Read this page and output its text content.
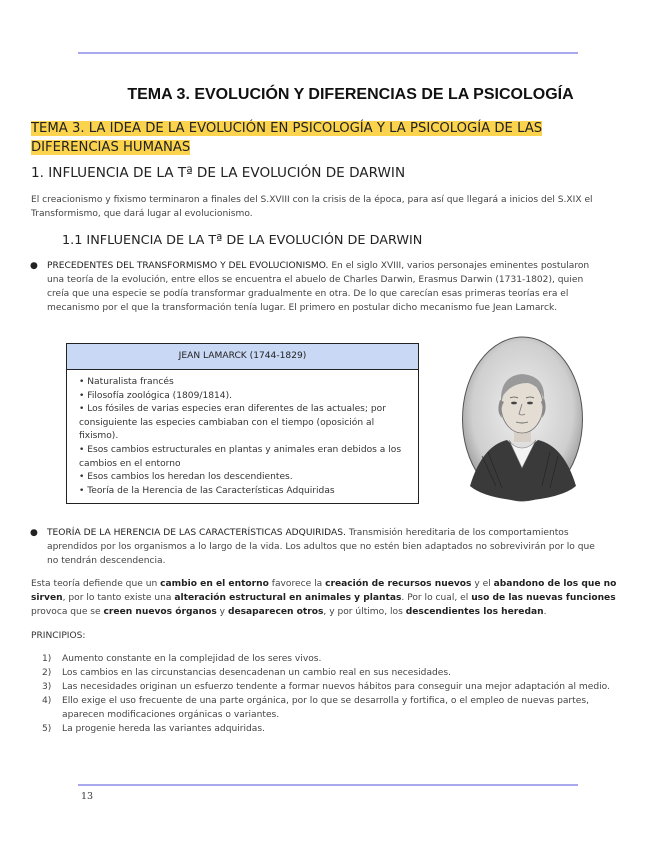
TEMA 3. EVOLUCIÓN Y DIFERENCIAS DE LA PSICOLOGÍA
TEMA 3. LA IDEA DE LA EVOLUCIÓN EN PSICOLOGÍA Y LA PSICOLOGÍA DE LAS DIFERENCIAS HUMANAS
1. INFLUENCIA DE LA Tª DE LA EVOLUCIÓN DE DARWIN
El creacionismo y fixismo terminaron a finales del S.XVIII con la crisis de la época, para así que llegará a inicios del S.XIX el Transformismo, que dará lugar al evolucionismo.
1.1 INFLUENCIA DE LA Tª DE LA EVOLUCIÓN DE DARWIN
● PRECEDENTES DEL TRANSFORMISMO Y DEL EVOLUCIONISMO. En el siglo XVIII, varios personajes eminentes postularon una teoría de la evolución, entre ellos se encuentra el abuelo de Charles Darwin, Erasmus Darwin (1731-1802), quien creía que una especie se podía transformar gradualmente en otra. De lo que carecían esas primeras teorías era el mecanismo por el que la transformación tenía lugar. El primero en postular dicho mecanismo fue Jean Lamarck.
JEAN LAMARCK (1744-1829)
• Naturalista francés
• Filosofía zoológica (1809/1814).
• Los fósiles de varias especies eran diferentes de las actuales; por consiguiente las especies cambiaban con el tiempo (oposición al fixismo).
• Esos cambios estructurales en plantas y animales eran debidos a los cambios en el entorno
• Esos cambios los heredan los descendientes.
• Teoría de la Herencia de las Características Adquiridas
● TEORÍA DE LA HERENCIA DE LAS CARACTERÍSTICAS ADQUIRIDAS. Transmisión hereditaria de los comportamientos aprendidos por los organismos a lo largo de la vida. Los adultos que no estén bien adaptados no sobrevivirán por lo que no tendrán descendencia.
Esta teoría defiende que un cambio en el entorno favorece la creación de recursos nuevos y el abandono de los que no sirven, por lo tanto existe una alteración estructural en animales y plantas. Por lo cual, el uso de las nuevas funciones provoca que se creen nuevos órganos y desaparecen otros, y por último, los descendientes los heredan.
PRINCIPIOS:
1) Aumento constante en la complejidad de los seres vivos.
2) Los cambios en las circunstancias desencadenan un cambio real en sus necesidades.
3) Las necesidades originan un esfuerzo tendente a formar nuevos hábitos para conseguir una mejor adaptación al medio.
4) Ello exige el uso frecuente de una parte orgánica, por lo que se desarrolla y fortifica, o el empleo de nuevas partes, aparecen modificaciones orgánicas o variantes.
5) La progenie hereda las variantes adquiridas.
13
